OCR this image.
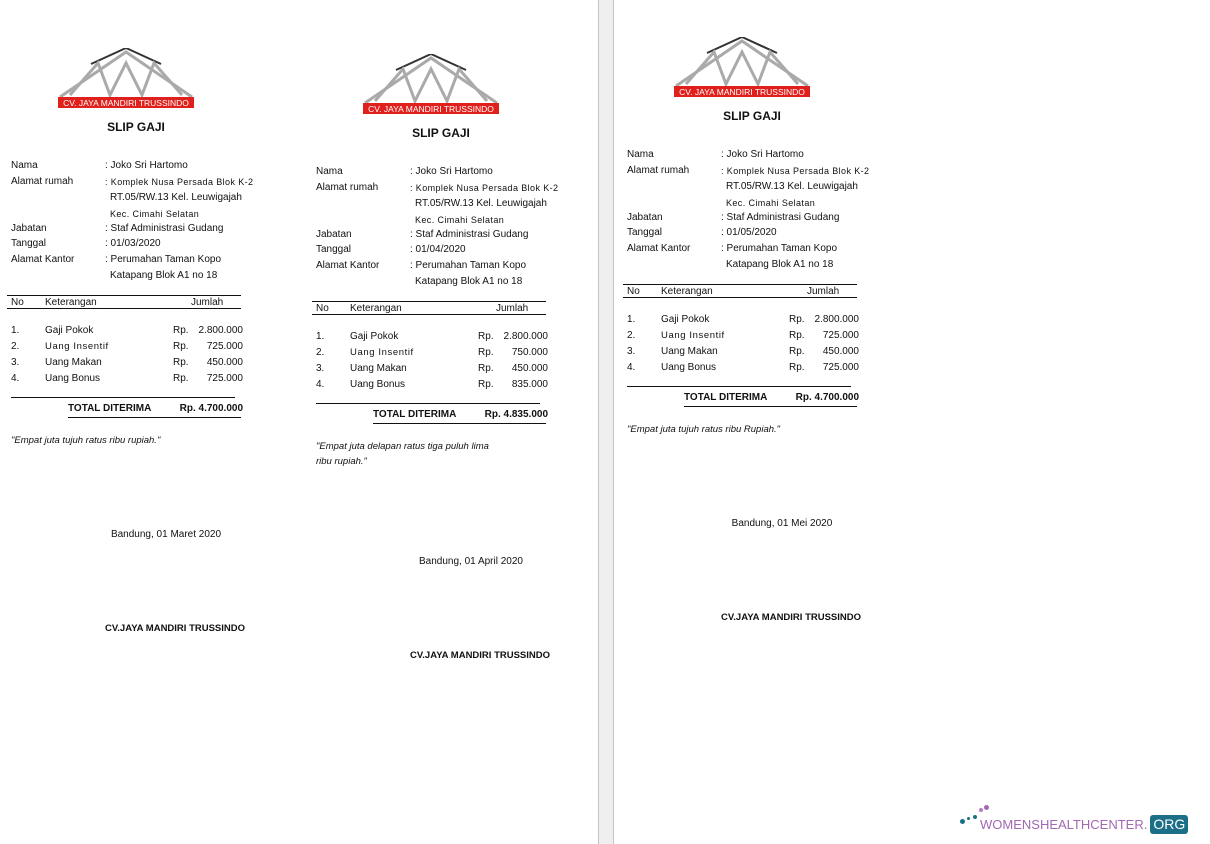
CV. JAYA MANDIRI TRUSSINDO
SLIP GAJI
Nama	: Joko Sri Hartomo
Alamat rumah	: Komplek Nusa Persada Blok K-2
RT.05/RW.13 Kel. Leuwigajah
Kec. Cimahi Selatan
Jabatan	: Staf Administrasi Gudang
Tanggal	: 01/03/2020
Alamat Kantor	: Perumahan Taman Kopo
Katapang Blok A1 no 18
No Keterangan	Jumlah
1.	Gaji Pokok	Rp. 2.800.000
2.	Uang Insentif	Rp.	725.000
3.	Uang Makan	Rp.	450.000
4.	Uang Bonus	Rp.	725.000
TOTAL DITERIMA	Rp. 4.700.000
"Empat juta tujuh ratus ribu rupiah."
Bandung, 01 Maret 2020
CV.JAYA MANDIRI TRUSSINDO
CV. JAYA MANDIRI TRUSSINDO
SLIP GAJI
Nama	: Joko Sri Hartomo
Alamat rumah	: Komplek Nusa Persada Blok K-2
RT.05/RW.13 Kel. Leuwigajah
Kec. Cimahi Selatan
Jabatan	: Staf Administrasi Gudang
Tanggal	: 01/04/2020
Alamat Kantor	: Perumahan Taman Kopo
Katapang Blok A1 no 18
No Keterangan	Jumlah
1.	Gaji Pokok	Rp. 2.800.000
2.	Uang Insentif	Rp.	750.000
3.	Uang Makan	Rp.	450.000
4.	Uang Bonus	Rp.	835.000
TOTAL DITERIMA	Rp. 4.835.000
"Empat juta delapan ratus tiga puluh lima
ribu rupiah."
Bandung, 01 April 2020
CV.JAYA MANDIRI TRUSSINDO
CV. JAYA MANDIRI TRUSSINDO
SLIP GAJI
Nama	: Joko Sri Hartomo
Alamat rumah	: Komplek Nusa Persada Blok K-2
RT.05/RW.13 Kel. Leuwigajah
Kec. Cimahi Selatan
Jabatan	: Staf Administrasi Gudang
Tanggal	: 01/05/2020
Alamat Kantor	: Perumahan Taman Kopo
Katapang Blok A1 no 18
No Keterangan	Jumlah
1.	Gaji Pokok	Rp. 2.800.000
2.	Uang Insentif	Rp.	725.000
3.	Uang Makan	Rp.	450.000
4.	Uang Bonus	Rp.	725.000
TOTAL DITERIMA	Rp. 4.700.000
"Empat juta tujuh ratus ribu Rupiah."
Bandung, 01 Mei 2020
CV.JAYA MANDIRI TRUSSINDO
WOMENSHEALTHCENTER. ORG
